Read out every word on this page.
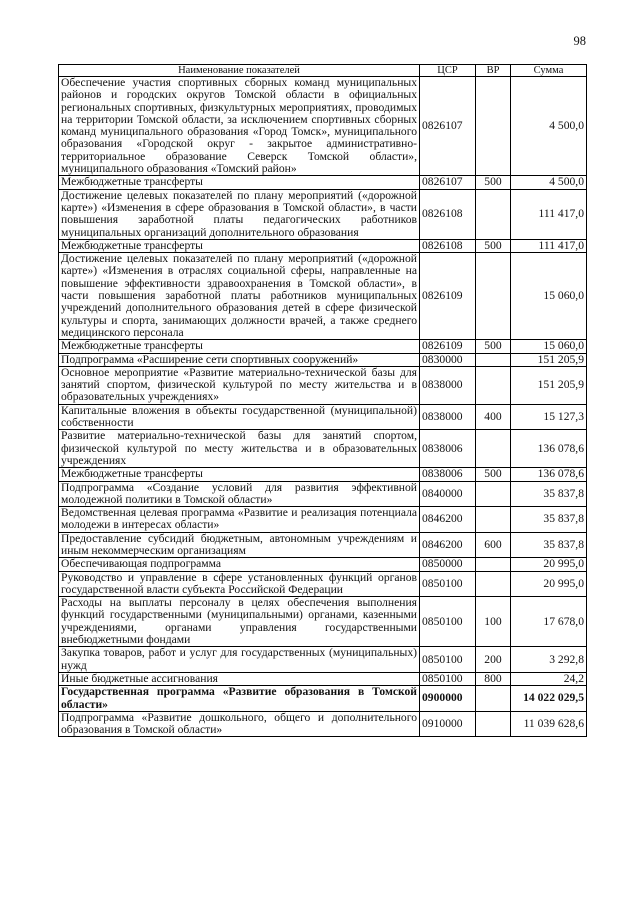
98
Наименование показателей	ЦСР	ВР	Сумма
Обеспечение участия спортивных сборных команд муниципальных районов и городских округов Томской области в официальных региональных спортивных, физкультурных мероприятиях, проводимых на территории Томской области, за исключением спортивных сборных команд муниципального образования «Город Томск», муниципального образования «Городской округ - закрытое административно-территориальное образование Северск Томской области», муниципального образования «Томский район»	0826107		4 500,0
Межбюджетные трансферты	0826107	500	4 500,0
Достижение целевых показателей по плану мероприятий («дорожной карте») «Изменения в сфере образования в Томской области», в части повышения заработной платы педагогических работников муниципальных организаций дополнительного образования	0826108		111 417,0
Межбюджетные трансферты	0826108	500	111 417,0
Достижение целевых показателей по плану мероприятий («дорожной карте») «Изменения в отраслях социальной сферы, направленные на повышение эффективности здравоохранения в Томской области», в части повышения заработной платы работников муниципальных учреждений дополнительного образования детей в сфере физической культуры и спорта, занимающих должности врачей, а также среднего медицинского персонала	0826109		15 060,0
Межбюджетные трансферты	0826109	500	15 060,0
Подпрограмма «Расширение сети спортивных сооружений»	0830000		151 205,9
Основное мероприятие «Развитие материально-технической базы для занятий спортом, физической культурой по месту жительства и в образовательных учреждениях»	0838000		151 205,9
Капитальные вложения в объекты государственной (муниципальной) собственности	0838000	400	15 127,3
Развитие материально-технической базы для занятий спортом, физической культурой по месту жительства и в образовательных учреждениях	0838006		136 078,6
Межбюджетные трансферты	0838006	500	136 078,6
Подпрограмма «Создание условий для развития эффективной молодежной политики в Томской области»	0840000		35 837,8
Ведомственная целевая программа «Развитие и реализация потенциала молодежи в интересах области»	0846200		35 837,8
Предоставление субсидий бюджетным, автономным учреждениям и иным некоммерческим организациям	0846200	600	35 837,8
Обеспечивающая подпрограмма	0850000		20 995,0
Руководство и управление в сфере установленных функций органов государственной власти субъекта Российской Федерации	0850100		20 995,0
Расходы на выплаты персоналу в целях обеспечения выполнения функций государственными (муниципальными) органами, казенными учреждениями, органами управления государственными внебюджетными фондами	0850100	100	17 678,0
Закупка товаров, работ и услуг для государственных (муниципальных) нужд	0850100	200	3 292,8
Иные бюджетные ассигнования	0850100	800	24,2
Государственная программа «Развитие образования в Томской области»	0900000		14 022 029,5
Подпрограмма «Развитие дошкольного, общего и дополнительного образования в Томской области»	0910000		11 039 628,6
